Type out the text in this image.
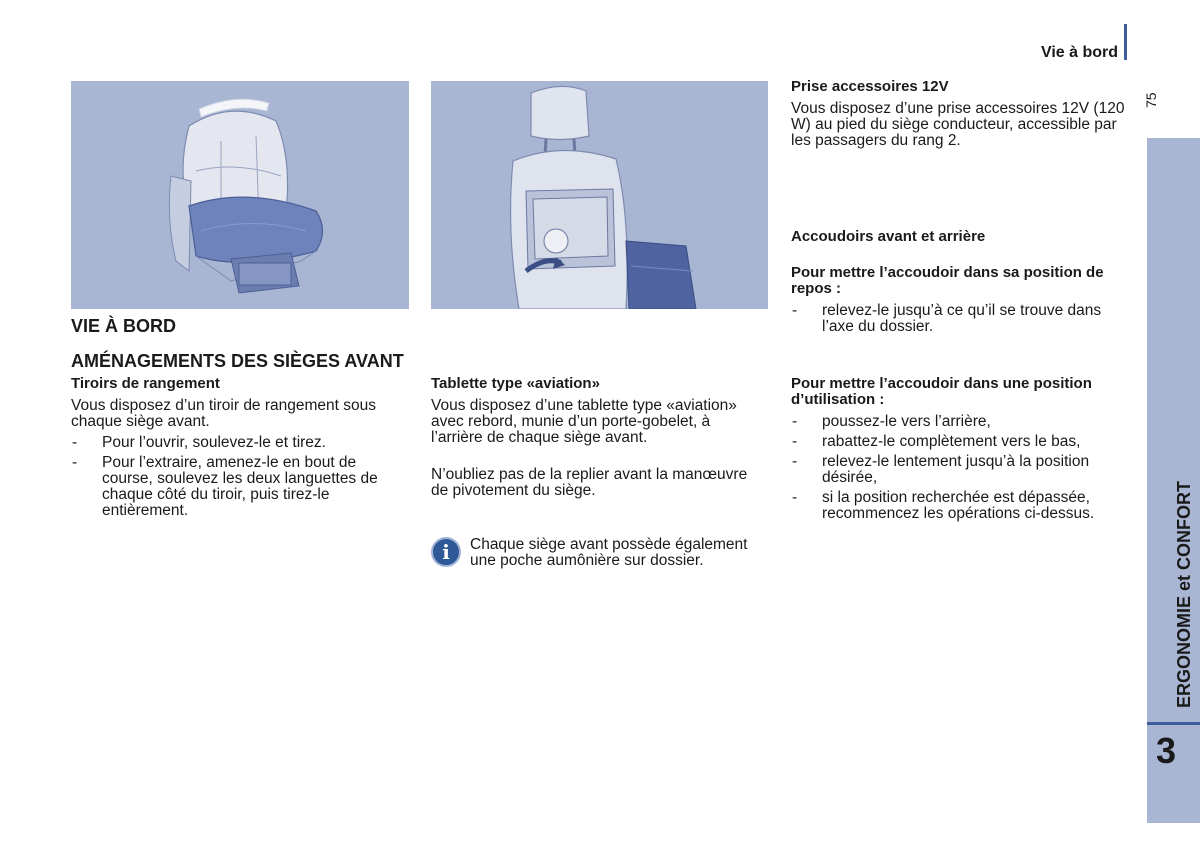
Vie à bord
75
VIE À BORD
AMÉNAGEMENTS DES SIÈGES AVANT
Tiroirs de rangement
Vous disposez d’un tiroir de rangement sous chaque siège avant.
- Pour l’ouvrir, soulevez-le et tirez.
- Pour l’extraire, amenez-le en bout de course, soulevez les deux languettes de chaque côté du tiroir, puis tirez-le entièrement.
Tablette type «aviation»
Vous disposez d’une tablette type «aviation» avec rebord, munie d’un porte-gobelet, à l’arrière de chaque siège avant.
N’oubliez pas de la replier avant la manœuvre de pivotement du siège.
i	Chaque siège avant possède également une poche aumônière sur dossier.
Prise accessoires 12V
Vous disposez d’une prise accessoires 12V (120 W) au pied du siège conducteur, accessible par les passagers du rang 2.
Accoudoirs avant et arrière
Pour mettre l’accoudoir dans sa position de repos :
- relevez-le jusqu’à ce qu’il se trouve dans l’axe du dossier.
Pour mettre l’accoudoir dans une position d’utilisation :
- poussez-le vers l’arrière,
- rabattez-le complètement vers le bas,
- relevez-le lentement jusqu’à la position désirée,
- si la position recherchée est dépassée, recommencez les opérations ci-dessus.	ERGONOMIE et CONFORT
3
